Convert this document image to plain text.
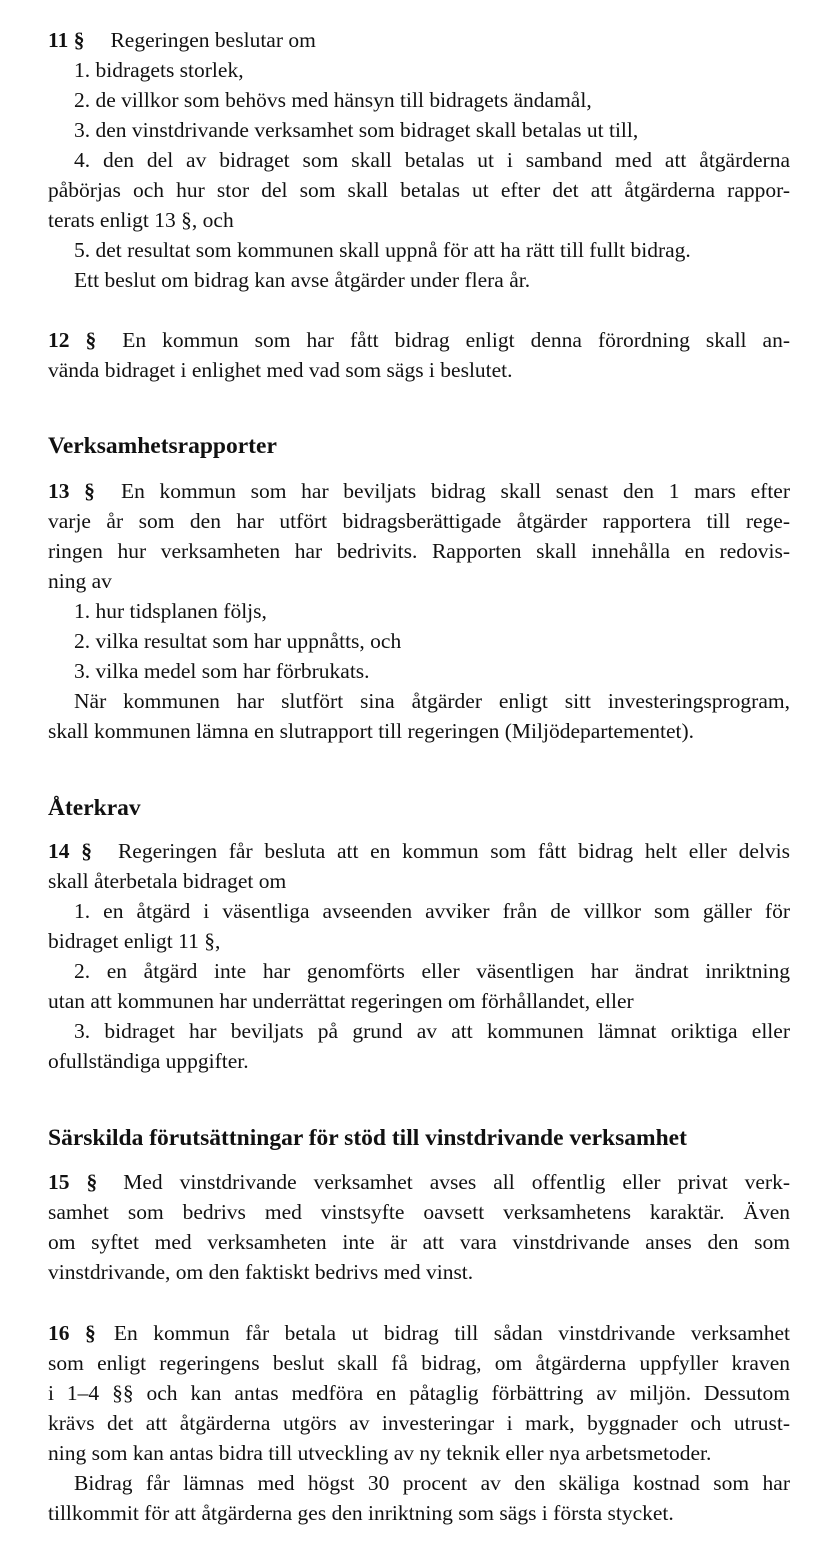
11 § Regeringen beslutar om
1. bidragets storlek,
2. de villkor som behövs med hänsyn till bidragets ändamål,
3. den vinstdrivande verksamhet som bidraget skall betalas ut till,
4. den del av bidraget som skall betalas ut i samband med att åtgärderna
påbörjas och hur stor del som skall betalas ut efter det att åtgärderna rappor-
terats enligt 13 §, och
5. det resultat som kommunen skall uppnå för att ha rätt till fullt bidrag.
Ett beslut om bidrag kan avse åtgärder under flera år.
12 § En kommun som har fått bidrag enligt denna förordning skall an-
vända bidraget i enlighet med vad som sägs i beslutet.
Verksamhetsrapporter
13 § En kommun som har beviljats bidrag skall senast den 1 mars efter
varje år som den har utfört bidragsberättigade åtgärder rapportera till rege-
ringen hur verksamheten har bedrivits. Rapporten skall innehålla en redovis-
ning av
1. hur tidsplanen följs,
2. vilka resultat som har uppnåtts, och
3. vilka medel som har förbrukats.
När kommunen har slutfört sina åtgärder enligt sitt investeringsprogram,
skall kommunen lämna en slutrapport till regeringen (Miljödepartementet).
Återkrav
14 § Regeringen får besluta att en kommun som fått bidrag helt eller delvis
skall återbetala bidraget om
1. en åtgärd i väsentliga avseenden avviker från de villkor som gäller för
bidraget enligt 11 §,
2. en åtgärd inte har genomförts eller väsentligen har ändrat inriktning
utan att kommunen har underrättat regeringen om förhållandet, eller
3. bidraget har beviljats på grund av att kommunen lämnat oriktiga eller
ofullständiga uppgifter.
Särskilda förutsättningar för stöd till vinstdrivande verksamhet
15 § Med vinstdrivande verksamhet avses all offentlig eller privat verk-
samhet som bedrivs med vinstsyfte oavsett verksamhetens karaktär. Även
om syftet med verksamheten inte är att vara vinstdrivande anses den som
vinstdrivande, om den faktiskt bedrivs med vinst.
16 § En kommun får betala ut bidrag till sådan vinstdrivande verksamhet
som enligt regeringens beslut skall få bidrag, om åtgärderna uppfyller kraven
i 1–4 §§ och kan antas medföra en påtaglig förbättring av miljön. Dessutom
krävs det att åtgärderna utgörs av investeringar i mark, byggnader och utrust-
ning som kan antas bidra till utveckling av ny teknik eller nya arbetsmetoder.
Bidrag får lämnas med högst 30 procent av den skäliga kostnad som har
tillkommit för att åtgärderna ges den inriktning som sägs i första stycket.
